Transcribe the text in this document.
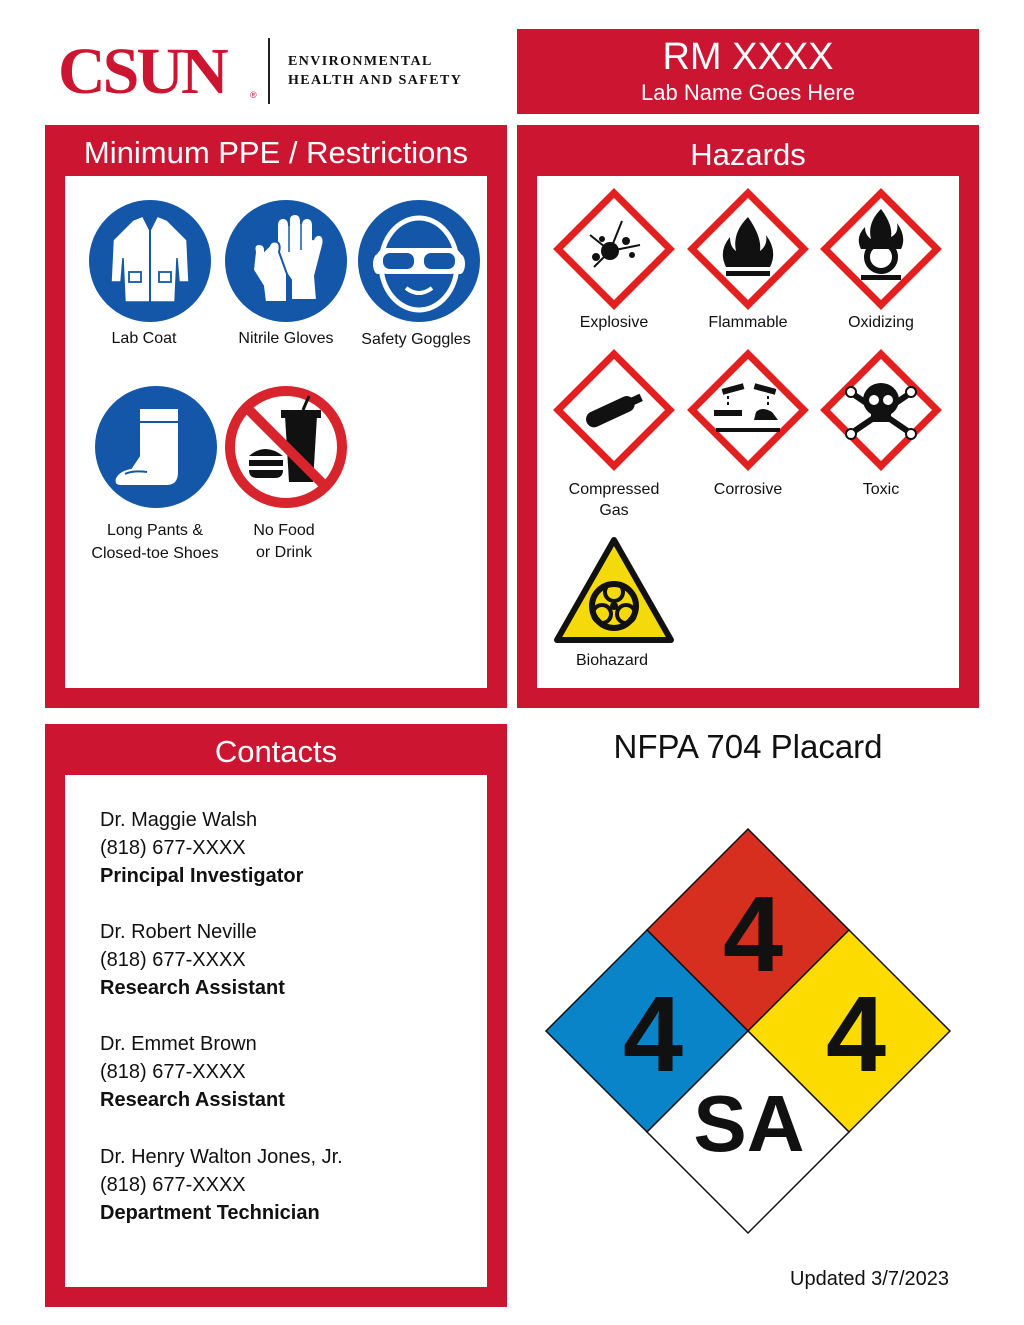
CSUN	®
ENVIRONMENTAL
HEALTH AND SAFETY
RM XXXX
Lab Name Goes Here
Minimum PPE / Restrictions
Lab Coat	Nitrile Gloves	Safety Goggles
Long Pants &
Closed-toe Shoes
No Food
or Drink
Hazards
Explosive	Flammable	Oxidizing
Compressed
Gas
Corrosive	Toxic
Biohazard
Contacts
Dr. Maggie Walsh
(818) 677-XXXX
Principal Investigator
Dr. Robert Neville
(818) 677-XXXX
Research Assistant
Dr. Emmet Brown
(818) 677-XXXX
Research Assistant
Dr. Henry Walton Jones, Jr.
(818) 677-XXXX
Department Technician
NFPA 704 Placard
4
4 4
SA
Updated 3/7/2023
